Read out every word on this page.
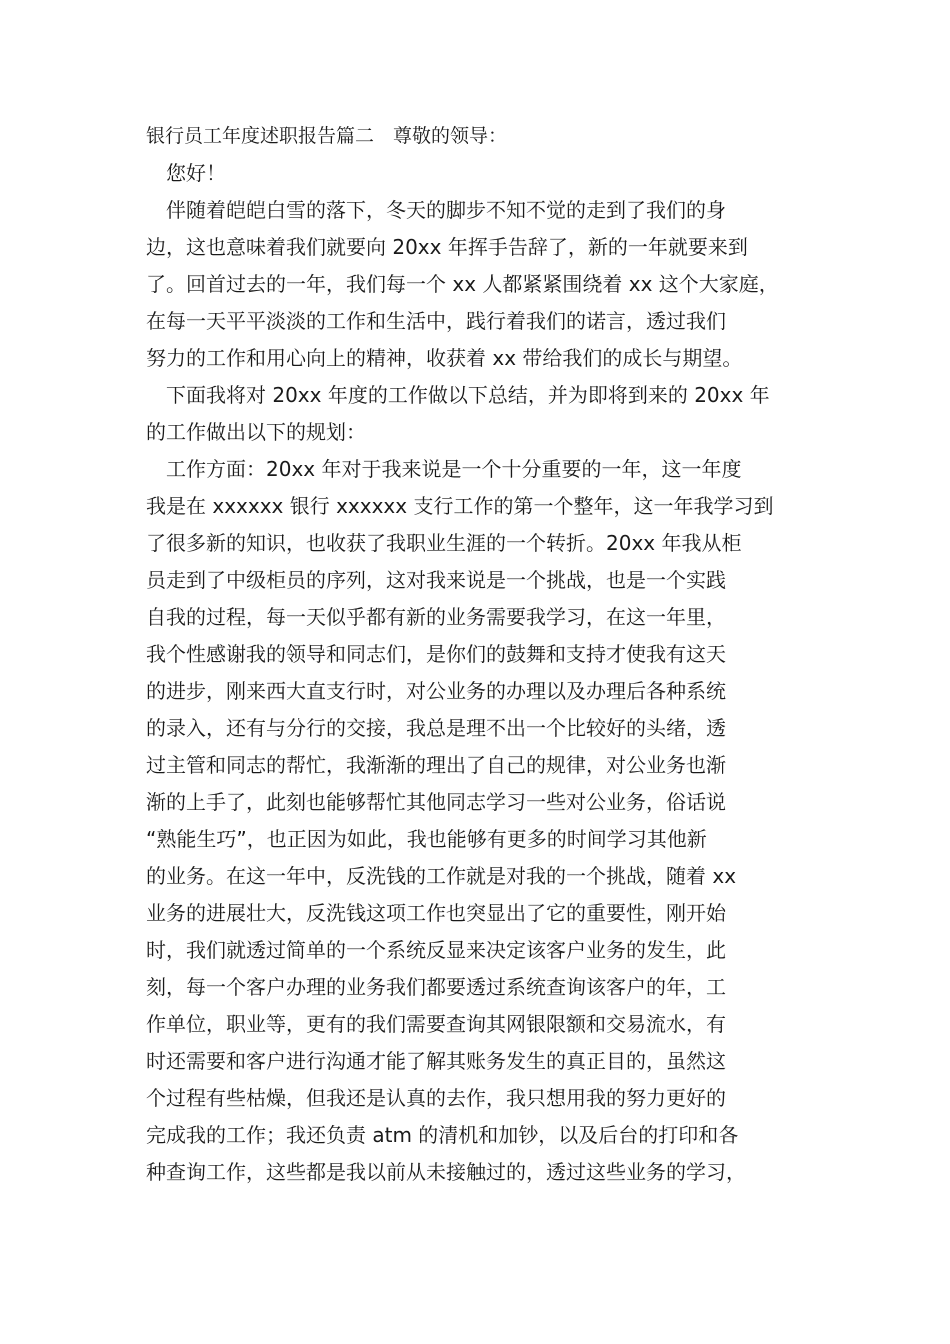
银行员工年度述职报告篇二　尊敬的领导：
　您好！
　伴随着皑皑白雪的落下，冬天的脚步不知不觉的走到了我们的身
边，这也意味着我们就要向 20xx 年挥手告辞了，新的一年就要来到
了。回首过去的一年，我们每一个 xx 人都紧紧围绕着 xx 这个大家庭，
在每一天平平淡淡的工作和生活中，践行着我们的诺言，透过我们
努力的工作和用心向上的精神，收获着 xx 带给我们的成长与期望。
　下面我将对 20xx 年度的工作做以下总结，并为即将到来的 20xx 年
的工作做出以下的规划：
　工作方面：20xx 年对于我来说是一个十分重要的一年，这一年度
我是在 xxxxxx 银行 xxxxxx 支行工作的第一个整年，这一年我学习到
了很多新的知识，也收获了我职业生涯的一个转折。20xx 年我从柜
员走到了中级柜员的序列，这对我来说是一个挑战，也是一个实践
自我的过程，每一天似乎都有新的业务需要我学习，在这一年里，
我个性感谢我的领导和同志们，是你们的鼓舞和支持才使我有这天
的进步，刚来西大直支行时，对公业务的办理以及办理后各种系统
的录入，还有与分行的交接，我总是理不出一个比较好的头绪，透
过主管和同志的帮忙，我渐渐的理出了自己的规律，对公业务也渐
渐的上手了，此刻也能够帮忙其他同志学习一些对公业务，俗话说
“熟能生巧”，也正因为如此，我也能够有更多的时间学习其他新
的业务。在这一年中，反洗钱的工作就是对我的一个挑战，随着 xx
业务的进展壮大，反洗钱这项工作也突显出了它的重要性，刚开始
时，我们就透过简单的一个系统反显来决定该客户业务的发生，此
刻，每一个客户办理的业务我们都要透过系统查询该客户的年，工
作单位，职业等，更有的我们需要查询其网银限额和交易流水，有
时还需要和客户进行沟通才能了解其账务发生的真正目的，虽然这
个过程有些枯燥，但我还是认真的去作，我只想用我的努力更好的
完成我的工作；我还负责 atm 的清机和加钞，以及后台的打印和各
种查询工作，这些都是我以前从未接触过的，透过这些业务的学习，
